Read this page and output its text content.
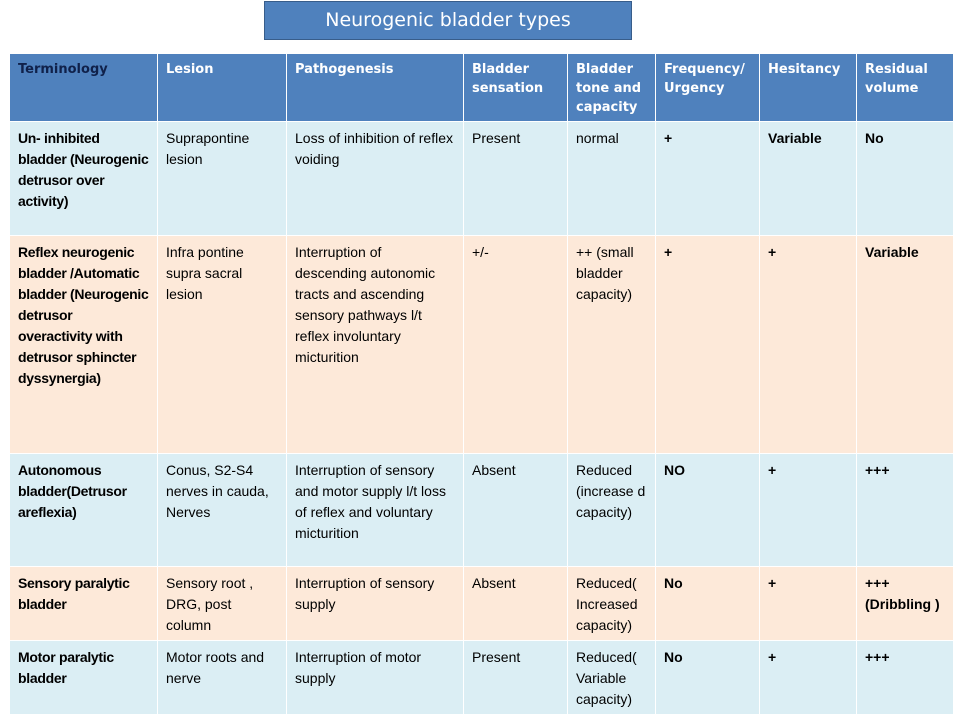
Neurogenic bladder types
Terminology	Lesion	Pathogenesis	Bladder sensation	Bladder tone and capacity	Frequency/ Urgency	Hesitancy	Residual volume
Un- inhibited bladder (Neurogenic detrusor over activity)	Suprapontine lesion	Loss of inhibition of reflex voiding	Present	normal	+	Variable	No
Reflex neurogenic bladder /Automatic bladder (Neurogenic detrusor overactivity with detrusor sphincter dyssynergia)	Infra pontine supra sacral lesion	Interruption of descending autonomic tracts and ascending sensory pathways l/t reflex involuntary micturition	+/-	++ (small bladder capacity)	+	+	Variable
Autonomous bladder(Detrusor areflexia)	Conus, S2-S4 nerves in cauda, Nerves	Interruption of sensory and motor supply l/t loss of reflex and voluntary micturition	Absent	Reduced (increase d capacity)	NO	+	+++
Sensory paralytic bladder	Sensory root , DRG, post column	Interruption of sensory supply	Absent	Reduced( Increased capacity)	No	+	+++ (Dribbling )
Motor paralytic bladder	Motor roots and nerve	Interruption of motor supply	Present	Reduced( Variable capacity)	No	+	+++
